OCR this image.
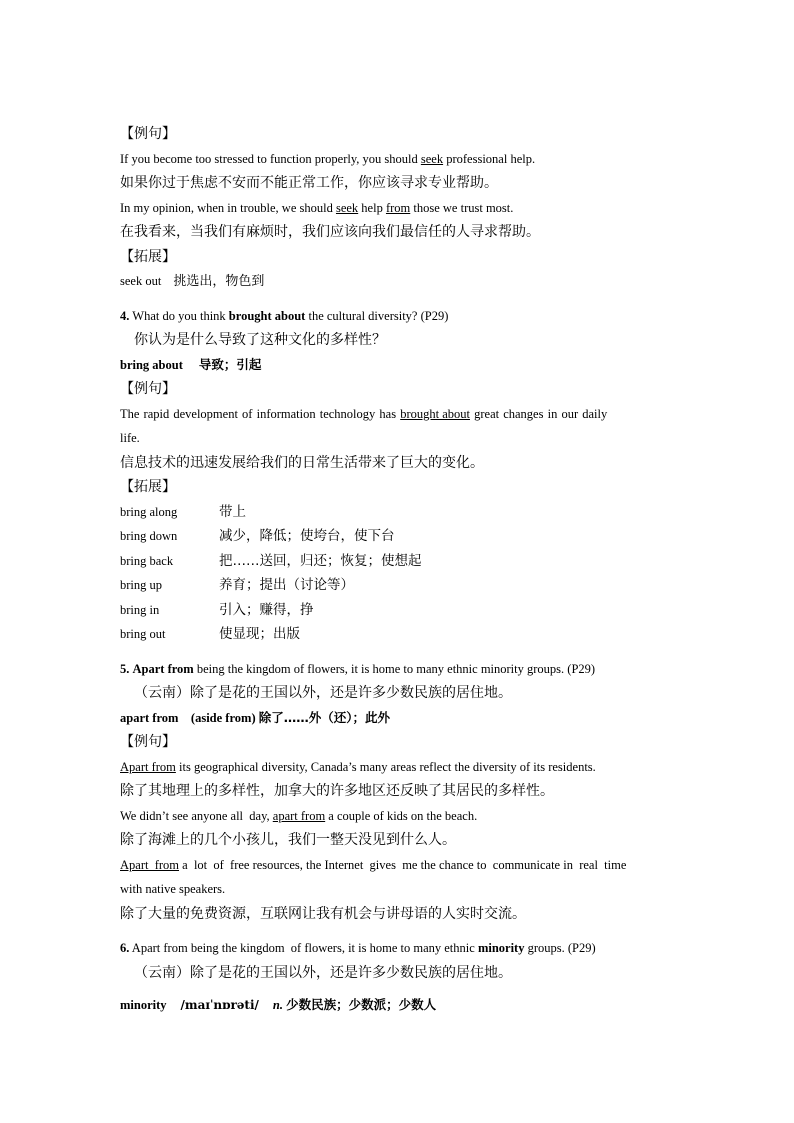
【例句】
If you become too stressed to function properly, you should seek professional help.
如果你过于焦虑不安而不能正常工作，你应该寻求专业帮助。
In my opinion, when in trouble, we should seek help from those we trust most.
在我看来，当我们有麻烦时，我们应该向我们最信任的人寻求帮助。
【拓展】
seek out 挑选出，物色到
4. What do you think brought about the cultural diversity? (P29)
你认为是什么导致了这种文化的多样性？
bring about 导致；引起
【例句】
The rapid development of information technology has brought about great changes in our daily
life.
信息技术的迅速发展给我们的日常生活带来了巨大的变化。
【拓展】
bring along	带上
bring down	减少，降低；使垮台，使下台
bring back	把……送回，归还；恢复；使想起
bring up	养育；提出（讨论等）
bring in	引入；赚得，挣
bring out	使显现；出版
5. Apart from being the kingdom of flowers, it is home to many ethnic minority groups. (P29)
（云南）除了是花的王国以外，还是许多少数民族的居住地。
apart from    (aside from) 除了……外（还）；此外
【例句】
Apart from its geographical diversity, Canada’s many areas reflect the diversity of its residents.
除了其地理上的多样性，加拿大的许多地区还反映了其居民的多样性。
We didn’t see anyone all  day, apart from a couple of kids on the beach.
除了海滩上的几个小孩儿，我们一整天没见到什么人。
Apart  from a  lot  of  free resources, the Internet  gives  me the chance to  communicate in  real  time
with native speakers.
除了大量的免费资源，互联网让我有机会与讲母语的人实时交流。
6. Apart from being the kingdom  of flowers, it is home to many ethnic minority groups. (P29)
（云南）除了是花的王国以外，还是许多少数民族的居住地。
minority /maɪˈnɒrəti/ n. 少数民族；少数派；少数人
